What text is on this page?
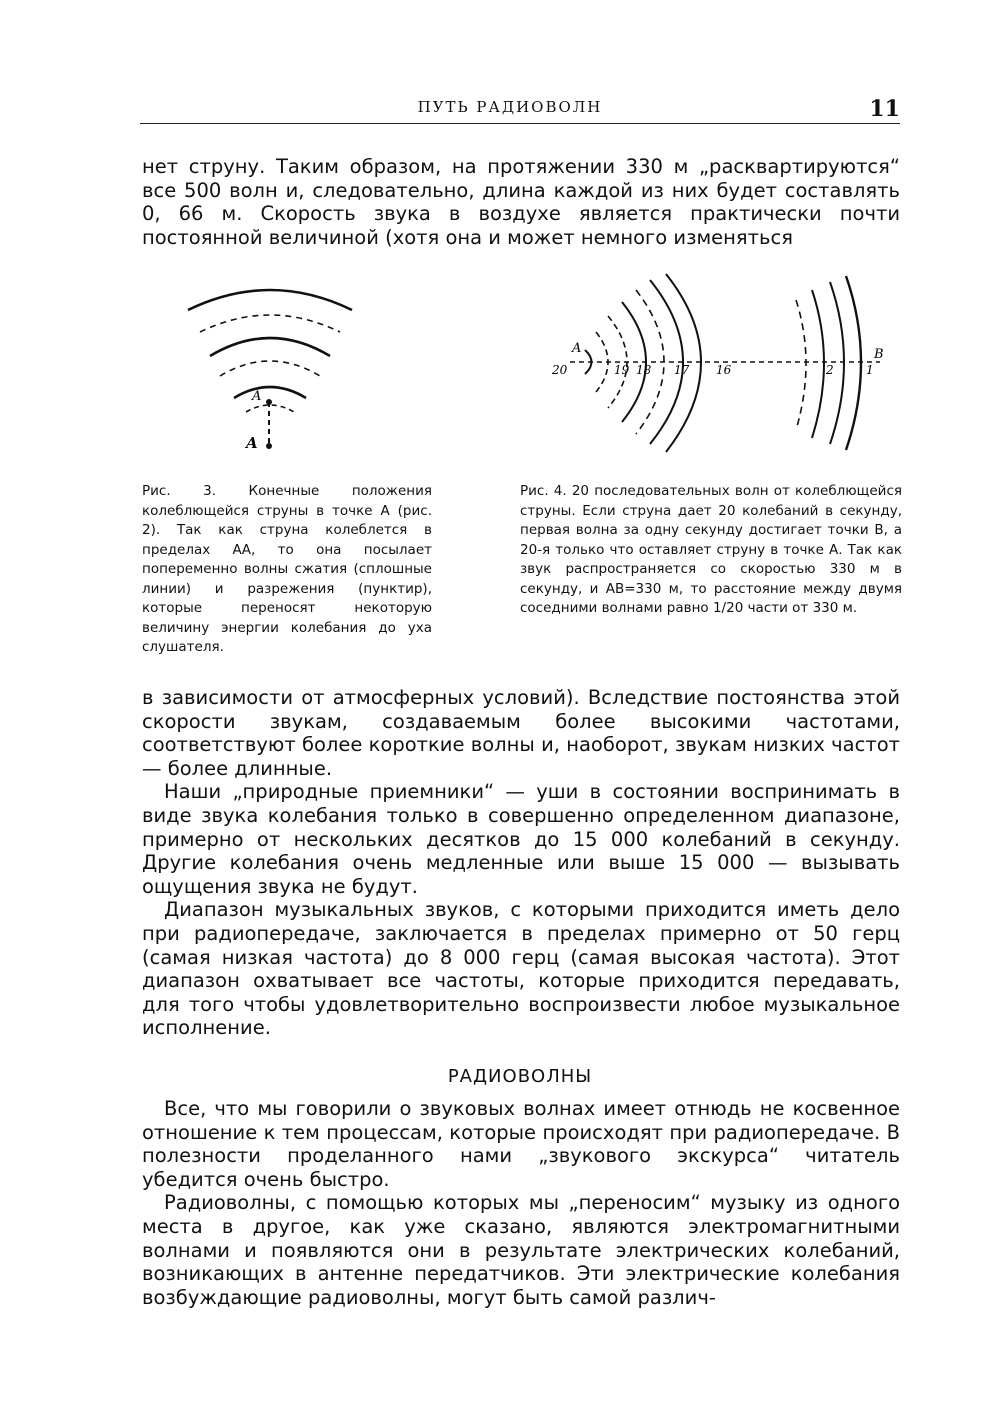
ПУТЬ РАДИОВОЛН	11

нет струну. Таким образом, на протяжении 330 м „расквартируются“ все 500 волн и, следовательно, длина каждой из них будет составлять 0, 66 м. Скорость звука в воздухе является практически почти постоянной величиной (хотя она и может немного изменяться

A
A
A
20	19 18 17 16	2	1
B
Рис. 3. Конечные положения колеблющейся струны в точке А (рис. 2). Так как струна колеблется в пределах АА, то она посылает попеременно волны сжатия (сплошные линии) и разрежения (пунктир), которые переносят некоторую величину энергии колебания до уха слушателя.
Рис. 4. 20 последовательных волн от колеблющейся струны. Если струна дает 20 колебаний в секунду, первая волна за одну секунду достигает точки В, а 20-я только что оставляет струну в точке А. Так как звук распространяется со скоростью 330 м в секунду, и АВ=330 м, то расстояние между двумя соседними волнами равно 1/20 части от 330 м.

в зависимости от атмосферных условий). Вследствие постоянства этой скорости звукам, создаваемым более высокими частотами, соответствуют более короткие волны и, наоборот, звукам низких частот — более длинные.

Наши „природные приемники“ — уши в состоянии воспринимать в виде звука колебания только в совершенно определенном диапазоне, примерно от нескольких десятков до 15 000 колебаний в секунду. Другие колебания очень медленные или выше 15 000 — вызывать ощущения звука не будут.

Диапазон музыкальных звуков, с которыми приходится иметь дело при радиопередаче, заключается в пределах примерно от 50 герц (самая низкая частота) до 8 000 герц (самая высокая частота). Этот диапазон охватывает все частоты, которые приходится передавать, для того чтобы удовлетворительно воспроизвести любое музыкальное исполнение.

РАДИОВОЛНЫ

Все, что мы говорили о звуковых волнах имеет отнюдь не косвенное отношение к тем процессам, которые происходят при радиопередаче. В полезности проделанного нами „звукового экскурса“ читатель убедится очень быстро.

Радиоволны, с помощью которых мы „переносим“ музыку из одного места в другое, как уже сказано, являются электромагнитными волнами и появляются они в результате электрических колебаний, возникающих в антенне передатчиков. Эти электрические колебания возбуждающие радиоволны, могут быть самой различ-
